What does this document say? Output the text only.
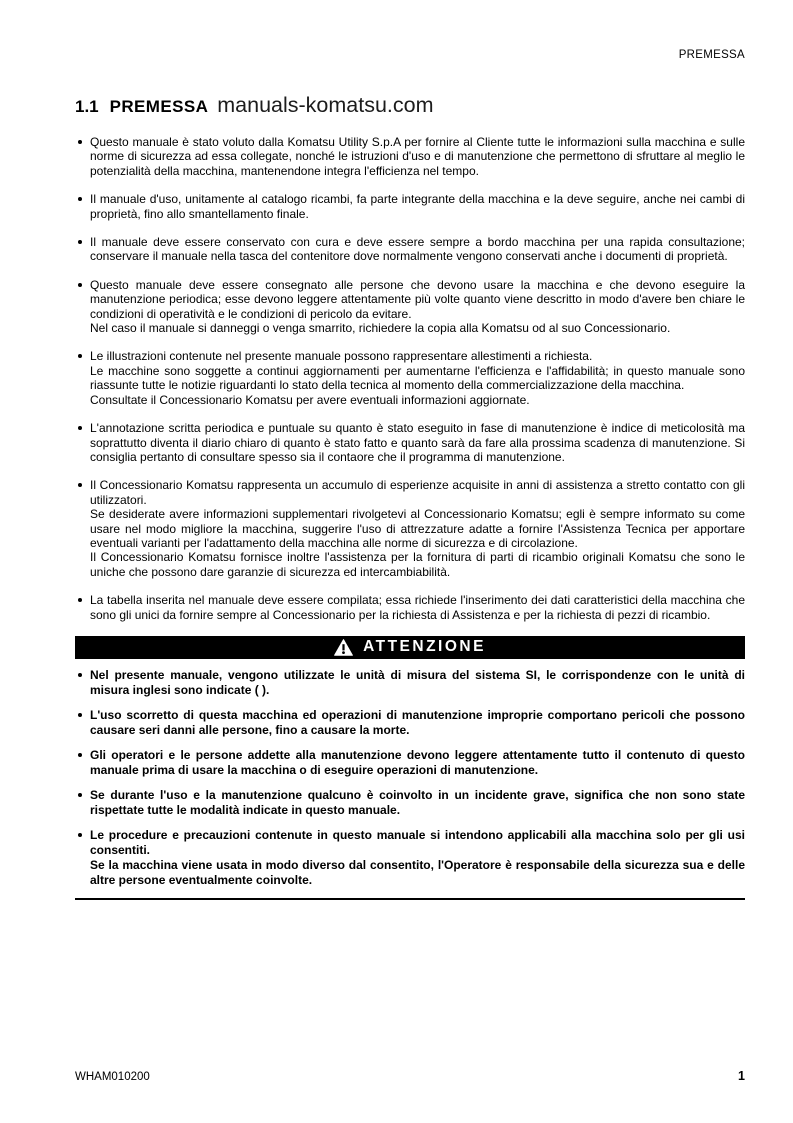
PREMESSA
1.1 PREMESSA manuals-komatsu.com

Questo manuale è stato voluto dalla Komatsu Utility S.p.A per fornire al Cliente tutte le informazioni sulla macchina e sulle norme di sicurezza ad essa collegate, nonché le istruzioni d'uso e di manutenzione che permettono di sfruttare al meglio le potenzialità della macchina, mantenendone integra l'efficienza nel tempo.

Il manuale d'uso, unitamente al catalogo ricambi, fa parte integrante della macchina e la deve seguire, anche nei cambi di proprietà, fino allo smantellamento finale.

Il manuale deve essere conservato con cura e deve essere sempre a bordo macchina per una rapida consultazione; conservare il manuale nella tasca del contenitore dove normalmente vengono conservati anche i documenti di proprietà.

Questo manuale deve essere consegnato alle persone che devono usare la macchina e che devono eseguire la manutenzione periodica; esse devono leggere attentamente più volte quanto viene descritto in modo d'avere ben chiare le condizioni di operatività e le condizioni di pericolo da evitare.

Nel caso il manuale si danneggi o venga smarrito, richiedere la copia alla Komatsu od al suo Concessionario.

Le illustrazioni contenute nel presente manuale possono rappresentare allestimenti a richiesta.

Le macchine sono soggette a continui aggiornamenti per aumentarne l'efficienza e l'affidabilità; in questo manuale sono riassunte tutte le notizie riguardanti lo stato della tecnica al momento della commercializzazione della macchina.

Consultate il Concessionario Komatsu per avere eventuali informazioni aggiornate.

L'annotazione scritta periodica e puntuale su quanto è stato eseguito in fase di manutenzione è indice di meticolosità ma soprattutto diventa il diario chiaro di quanto è stato fatto e quanto sarà da fare alla prossima scadenza di manutenzione. Si consiglia pertanto di consultare spesso sia il contaore che il programma di manutenzione.

Il Concessionario Komatsu rappresenta un accumulo di esperienze acquisite in anni di assistenza a stretto contatto con gli utilizzatori.

Se desiderate avere informazioni supplementari rivolgetevi al Concessionario Komatsu; egli è sempre informato su come usare nel modo migliore la macchina, suggerire l'uso di attrezzature adatte a fornire l'Assistenza Tecnica per apportare eventuali varianti per l'adattamento della macchina alle norme di sicurezza e di circolazione.

Il Concessionario Komatsu fornisce inoltre l'assistenza per la fornitura di parti di ricambio originali Komatsu che sono le uniche che possono dare garanzie di sicurezza ed intercambiabilità.

La tabella inserita nel manuale deve essere compilata; essa richiede l'inserimento dei dati caratteristici della macchina che sono gli unici da fornire sempre al Concessionario per la richiesta di Assistenza e per la richiesta di pezzi di ricambio.

ATTENZIONE

Nel presente manuale, vengono utilizzate le unità di misura del sistema SI, le corrispondenze con le unità di misura inglesi sono indicate ( ).

L'uso scorretto di questa macchina ed operazioni di manutenzione improprie comportano pericoli che possono causare seri danni alle persone, fino a causare la morte.

Gli operatori e le persone addette alla manutenzione devono leggere attentamente tutto il contenuto di questo manuale prima di usare la macchina o di eseguire operazioni di manutenzione.

Se durante l'uso e la manutenzione qualcuno è coinvolto in un incidente grave, significa che non sono state rispettate tutte le modalità indicate in questo manuale.

Le procedure e precauzioni contenute in questo manuale si intendono applicabili alla macchina solo per gli usi consentiti.

Se la macchina viene usata in modo diverso dal consentito, l'Operatore è responsabile della sicurezza sua e delle altre persone eventualmente coinvolte.

WHAM010200	1
